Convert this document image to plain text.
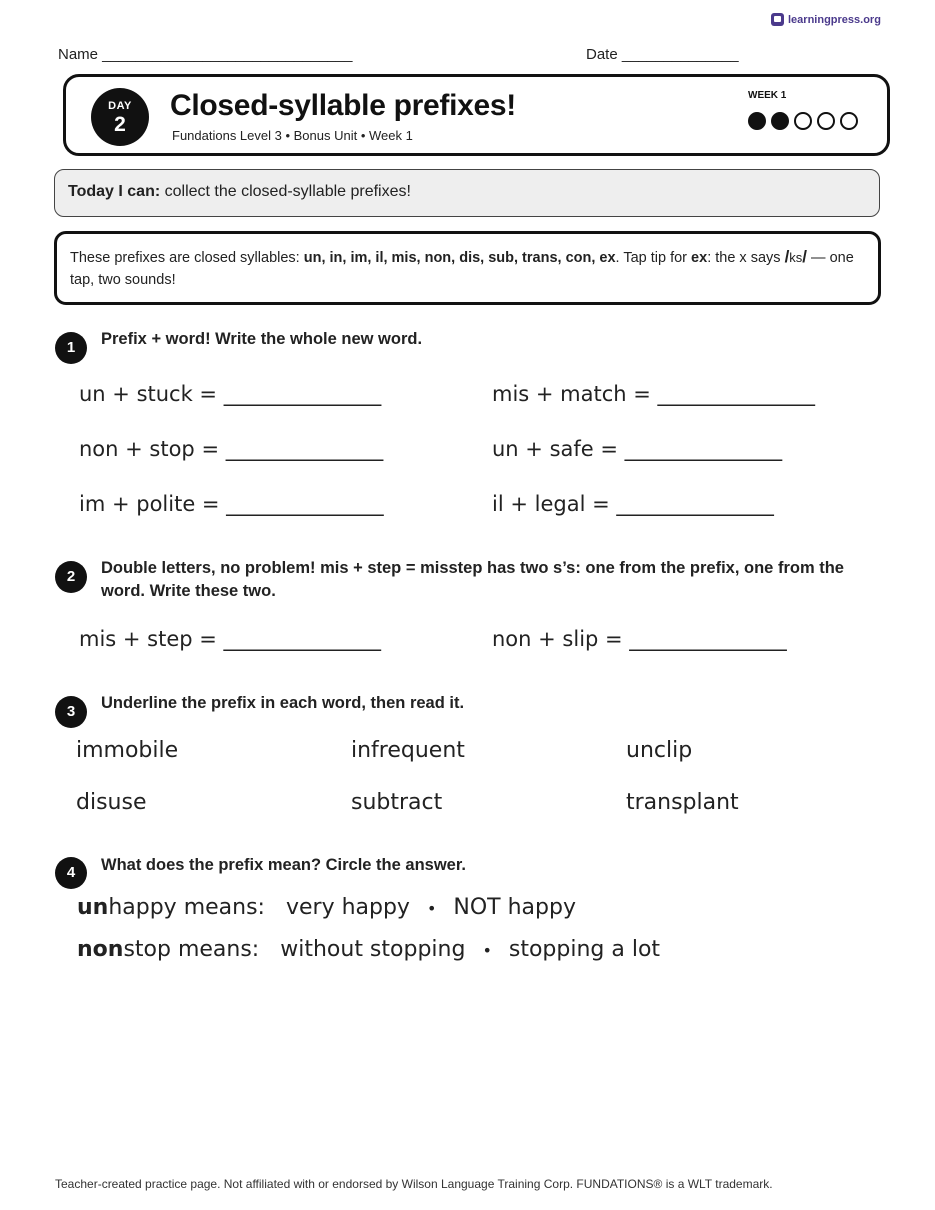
learningpress.org
Name ______________________________	Date ______________
DAY
2
Closed-syllable prefixes!
Fundations Level 3 • Bonus Unit • Week 1
WEEK 1
Today I can: collect the closed-syllable prefixes!
These prefixes are closed syllables: un, in, im, il, mis, non, dis, sub, trans, con, ex. Tap tip for ex: the x says /ks/ — one tap, two sounds!
1	Prefix + word! Write the whole new word.
un + stuck = _______________	mis + match = _______________
non + stop = _______________	un + safe = _______________
im + polite = _______________	il + legal = _______________
2	Double letters, no problem! mis + step = misstep has two s’s: one from the prefix, one from the word. Write these two.
mis + step = _______________	non + slip = _______________
3	Underline the prefix in each word, then read it.
immobile	infrequent	unclip
disuse	subtract	transplant
4	What does the prefix mean? Circle the answer.
unhappy means: very happy • NOT happy
nonstop means: without stopping • stopping a lot
Teacher-created practice page. Not affiliated with or endorsed by Wilson Language Training Corp. FUNDATIONS® is a WLT trademark.
